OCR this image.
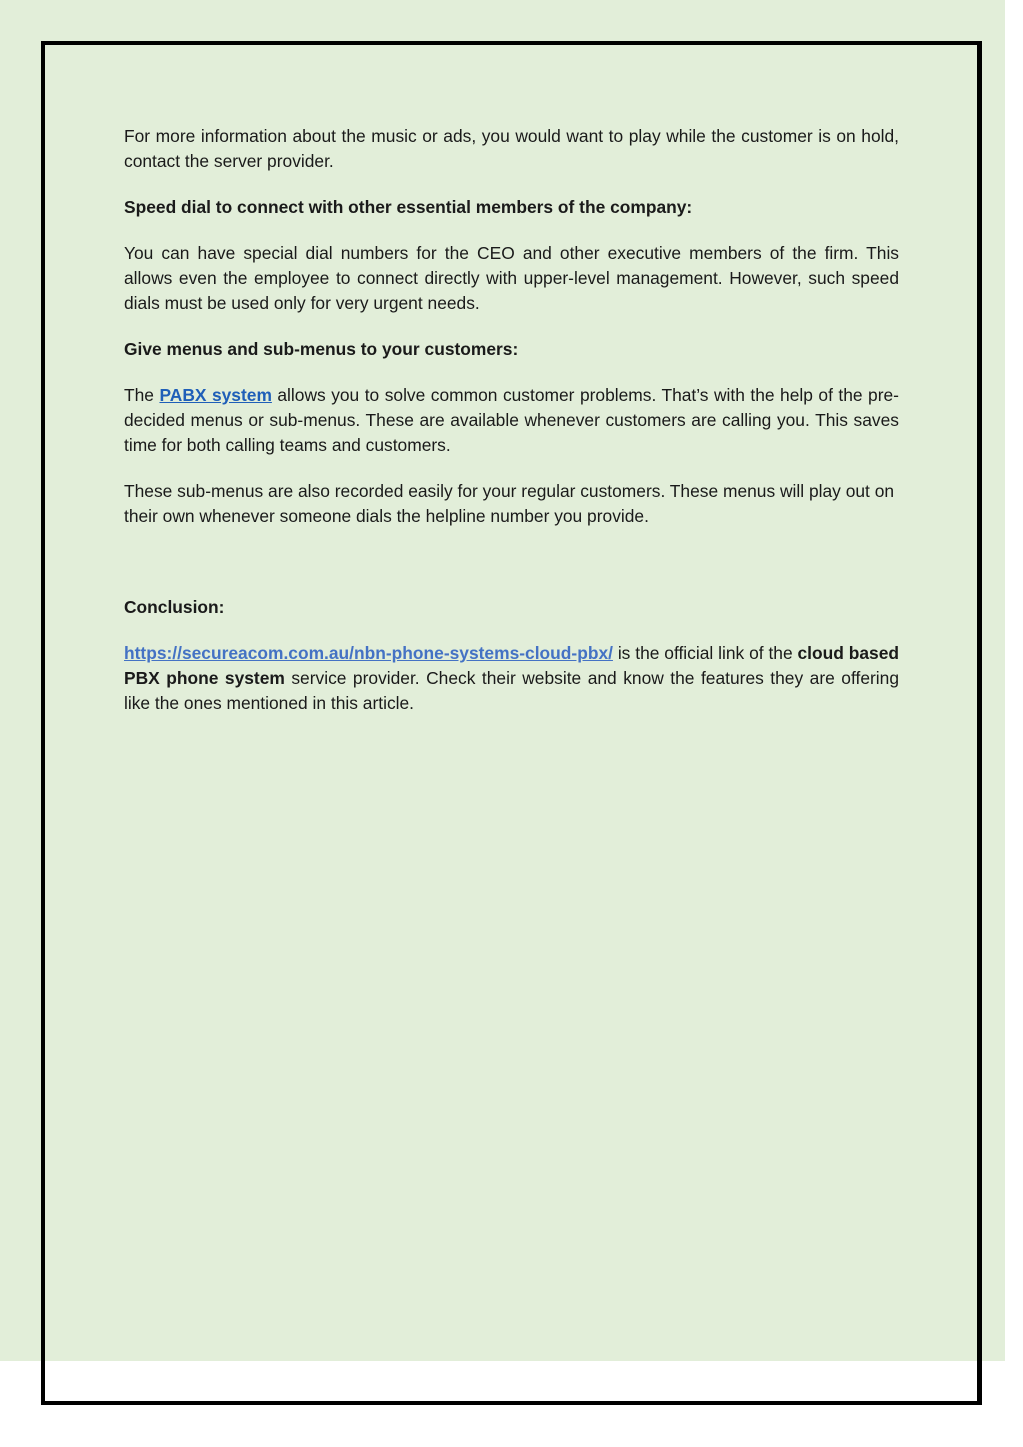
For more information about the music or ads, you would want to play while the customer is on hold, contact the server provider.

Speed dial to connect with other essential members of the company:

You can have special dial numbers for the CEO and other executive members of the firm. This allows even the employee to connect directly with upper-level management. However, such speed dials must be used only for very urgent needs.

Give menus and sub-menus to your customers:

The PABX system allows you to solve common customer problems. That’s with the help of the pre-decided menus or sub-menus. These are available whenever customers are calling you. This saves time for both calling teams and customers.

These sub-menus are also recorded easily for your regular customers. These menus will play out on their own whenever someone dials the helpline number you provide.

Conclusion:

https://secureacom.com.au/nbn-phone-systems-cloud-pbx/ is the official link of the cloud based PBX phone system service provider. Check their website and know the features they are offering like the ones mentioned in this article.
